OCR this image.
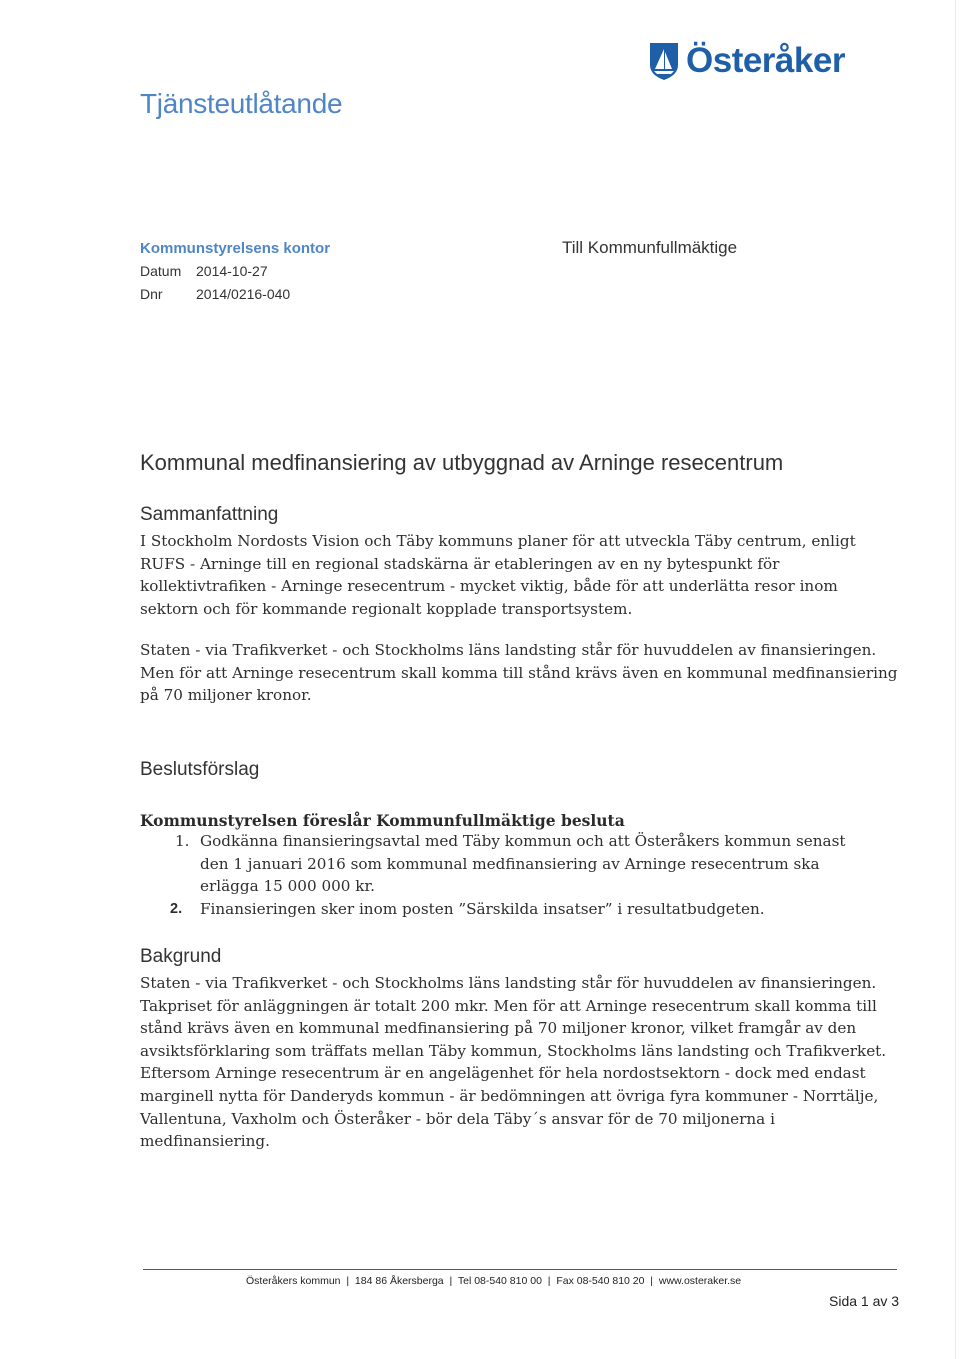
Tjänsteutlåtande
Österåker
Kommunstyrelsens kontor
Datum	2014-10-27
Dnr	2014/0216-040
Till Kommunfullmäktige
Kommunal medfinansiering av utbyggnad av Arninge resecentrum
Sammanfattning
I Stockholm Nordosts Vision och Täby kommuns planer för att utveckla Täby centrum, enligt RUFS - Arninge till en regional stadskärna är etableringen av en ny bytespunkt för kollektivtrafiken - Arninge resecentrum - mycket viktig, både för att underlätta resor inom sektorn och för kommande regionalt kopplade transportsystem.
Staten - via Trafikverket - och Stockholms läns landsting står för huvuddelen av finansieringen. Men för att Arninge resecentrum skall komma till stånd krävs även en kommunal medfinansiering på 70 miljoner kronor.
Beslutsförslag
Kommunstyrelsen föreslår Kommunfullmäktige besluta
1. Godkänna finansieringsavtal med Täby kommun och att Österåkers kommun senast den 1 januari 2016 som kommunal medfinansiering av Arninge resecentrum ska erlägga 15 000 000 kr.
2. Finansieringen sker inom posten ”Särskilda insatser” i resultatbudgeten.
Bakgrund
Staten - via Trafikverket - och Stockholms läns landsting står för huvuddelen av finansieringen. Takpriset för anläggningen är totalt 200 mkr. Men för att Arninge resecentrum skall komma till stånd krävs även en kommunal medfinansiering på 70 miljoner kronor, vilket framgår av den avsiktsförklaring som träffats mellan Täby kommun, Stockholms läns landsting och Trafikverket. Eftersom Arninge resecentrum är en angelägenhet för hela nordostsektorn - dock med endast marginell nytta för Danderyds kommun - är bedömningen att övriga fyra kommuner - Norrtälje, Vallentuna, Vaxholm och Österåker - bör dela Täby´s ansvar för de 70 miljonerna i medfinansiering.
Österåkers kommun  |  184 86 Åkersberga  |  Tel 08-540 810 00  |  Fax 08-540 810 20  |  www.osteraker.se
Sida 1 av 3
